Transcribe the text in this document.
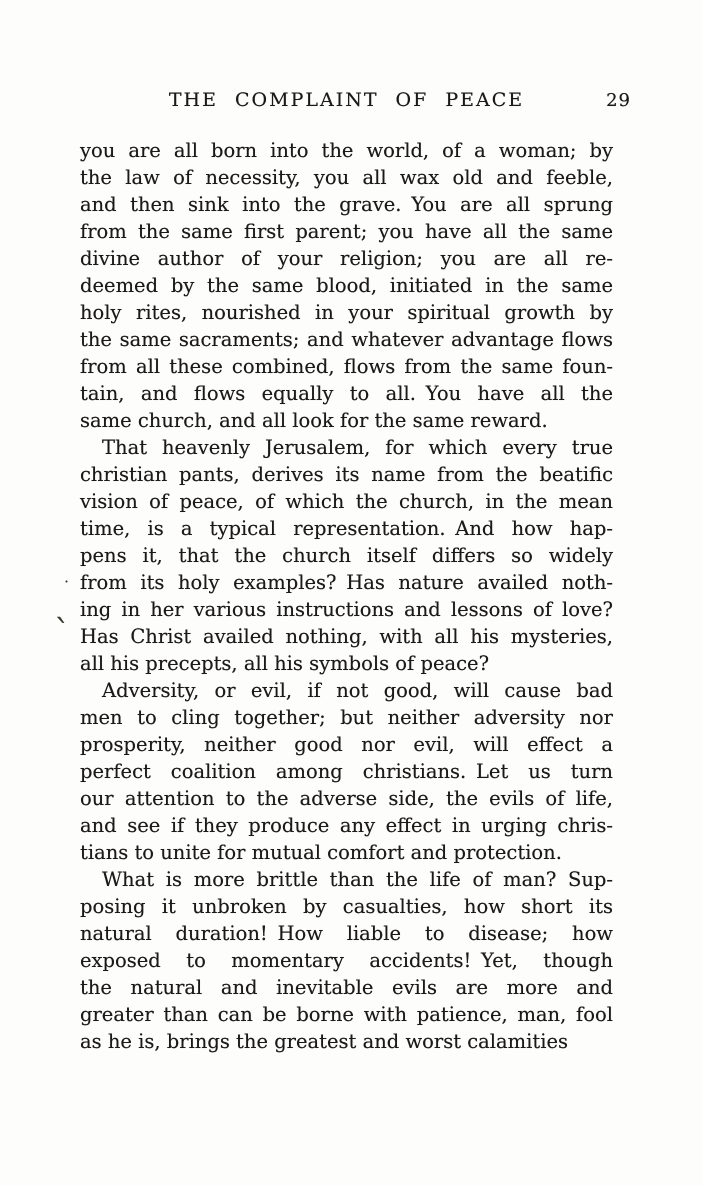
THE COMPLAINT OF PEACE	29

you are all born into the world, of a woman; by
the law of necessity, you all wax old and feeble,
and then sink into the grave. You are all sprung
from the same first parent; you have all the same
divine author of your religion; you are all re-
deemed by the same blood, initiated in the same
holy rites, nourished in your spiritual growth by
the same sacraments; and whatever advantage flows
from all these combined, flows from the same foun-
tain, and flows equally to all. You have all the
same church, and all look for the same reward.

That heavenly Jerusalem, for which every true
christian pants, derives its name from the beatific
vision of peace, of which the church, in the mean
time, is a typical representation. And how hap-
pens it, that the church itself differs so widely
from its holy examples? Has nature availed noth-
ing in her various instructions and lessons of love?
Has Christ availed nothing, with all his mysteries,
all his precepts, all his symbols of peace?

Adversity, or evil, if not good, will cause bad
men to cling together; but neither adversity nor
prosperity, neither good nor evil, will effect a
perfect coalition among christians. Let us turn
our attention to the adverse side, the evils of life,
and see if they produce any effect in urging chris-
tians to unite for mutual comfort and protection.

What is more brittle than the life of man? Sup-
posing it unbroken by casualties, how short its
natural duration! How liable to disease; how
exposed to momentary accidents! Yet, though
the natural and inevitable evils are more and
greater than can be borne with patience, man, fool
as he is, brings the greatest and worst calamities

·
`
